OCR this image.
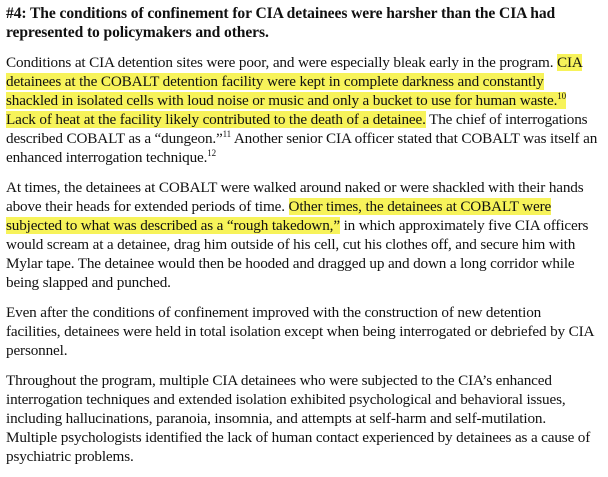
#4: The conditions of confinement for CIA detainees were harsher than the CIA had represented to policymakers and others.

Conditions at CIA detention sites were poor, and were especially bleak early in the program. CIA detainees at the COBALT detention facility were kept in complete darkness and constantly shackled in isolated cells with loud noise or music and only a bucket to use for human waste.$^{10}$ Lack of heat at the facility likely contributed to the death of a detainee. The chief of interrogations described COBALT as a “dungeon.”$^{11}$ Another senior CIA officer stated that COBALT was itself an enhanced interrogation technique.$^{12}$

At times, the detainees at COBALT were walked around naked or were shackled with their hands above their heads for extended periods of time. Other times, the detainees at COBALT were subjected to what was described as a “rough takedown,” in which approximately five CIA officers would scream at a detainee, drag him outside of his cell, cut his clothes off, and secure him with Mylar tape. The detainee would then be hooded and dragged up and down a long corridor while being slapped and punched.

Even after the conditions of confinement improved with the construction of new detention facilities, detainees were held in total isolation except when being interrogated or debriefed by CIA personnel.

Throughout the program, multiple CIA detainees who were subjected to the CIA’s enhanced interrogation techniques and extended isolation exhibited psychological and behavioral issues, including hallucinations, paranoia, insomnia, and attempts at self-harm and self-mutilation. Multiple psychologists identified the lack of human contact experienced by detainees as a cause of psychiatric problems.
